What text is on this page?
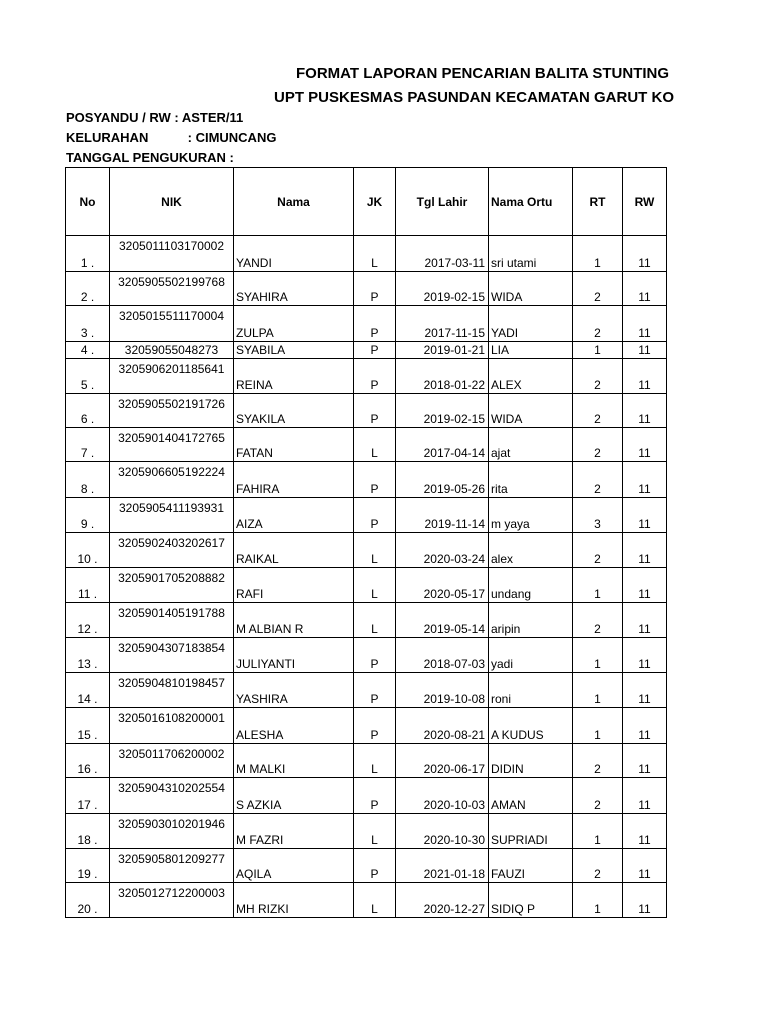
FORMAT LAPORAN PENCARIAN BALITA STUNTING
UPT PUSKESMAS PASUNDAN KECAMATAN GARUT KO
POSYANDU / RW : ASTER/11
KELURAHAN	: CIMUNCANG
TANGGAL PENGUKURAN :
No	NIK	Nama	JK	Tgl Lahir	Nama Ortu	RT	RW
1 .	3205011103170002	YANDI	L	2017-03-11	sri utami	1	11
2 .	3205905502199768	SYAHIRA	P	2019-02-15	WIDA	2	11
3 .	3205015511170004	ZULPA	P	2017-11-15	YADI	2	11
4 .	32059055048273	SYABILA	P	2019-01-21	LIA	1	11
5 .	3205906201185641	REINA	P	2018-01-22	ALEX	2	11
6 .	3205905502191726	SYAKILA	P	2019-02-15	WIDA	2	11
7 .	3205901404172765	FATAN	L	2017-04-14	ajat	2	11
8 .	3205906605192224	FAHIRA	P	2019-05-26	rita	2	11
9 .	3205905411193931	AIZA	P	2019-11-14	m yaya	3	11
10 .	3205902403202617	RAIKAL	L	2020-03-24	alex	2	11
11 .	3205901705208882	RAFI	L	2020-05-17	undang	1	11
12 .	3205901405191788	M ALBIAN R	L	2019-05-14	aripin	2	11
13 .	3205904307183854	JULIYANTI	P	2018-07-03	yadi	1	11
14 .	3205904810198457	YASHIRA	P	2019-10-08	roni	1	11
15 .	3205016108200001	ALESHA	P	2020-08-21	A KUDUS	1	11
16 .	3205011706200002	M MALKI	L	2020-06-17	DIDIN	2	11
17 .	3205904310202554	S AZKIA	P	2020-10-03	AMAN	2	11
18 .	3205903010201946	M FAZRI	L	2020-10-30	SUPRIADI	1	11
19 .	3205905801209277	AQILA	P	2021-01-18	FAUZI	2	11
20 .	3205012712200003	MH RIZKI	L	2020-12-27	SIDIQ P	1	11
